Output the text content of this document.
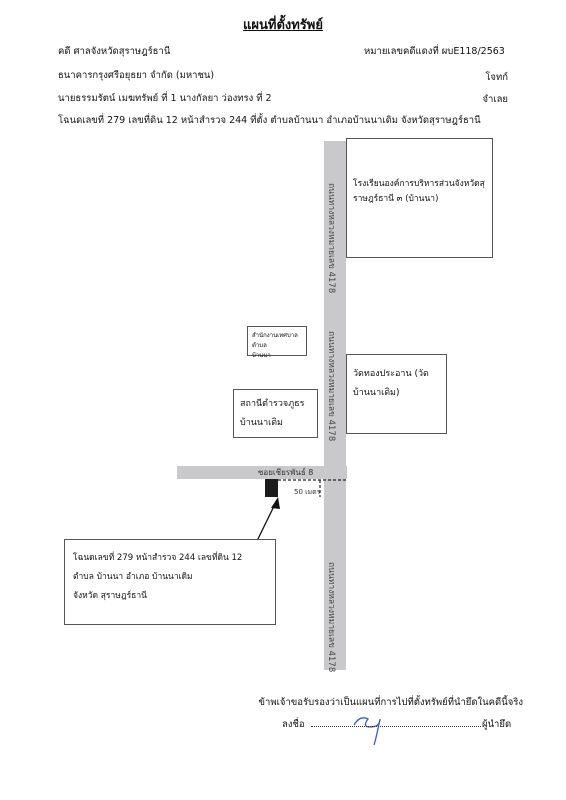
แผนที่ตั้งทรัพย์
คดี ศาลจังหวัดสุราษฎร์ธานี	หมายเลขคดีแดงที่ ผบE118/2563
ธนาคารกรุงศรีอยุธยา จำกัด (มหาชน)	โจทก์
นายธรรมรัตน์ เมฆทรัพย์ ที่ 1 นางกัลยา ว่องทรง ที่ 2	จำเลย
โฉนดเลขที่ 279 เลขที่ดิน 12 หน้าสำรวจ 244 ที่ตั้ง ตำบลบ้านนา อำเภอบ้านนาเดิม จังหวัดสุราษฎร์ธานี
ถนนทางหลวงหมายเลข 4178
ถนนทางหลวงหมายเลข 4178
ถนนทางหลวงหมายเลข 4178
ซอยเชียรพันธ์ 8
โรงเรียนองค์การบริหารส่วนจังหวัดสุ
ราษฎร์ธานี ๓ (บ้านนา)
สำนักงานเทศบาลตำบล
บ้านนา
วัดทองประอาน (วัด
บ้านนาเดิม)
สถานีตำรวจภูธร
บ้านนาเดิม
50 เมตร
โฉนดเลขที่ 279 หน้าสำรวจ 244 เลขที่ดิน 12
ตำบล บ้านนา อำเภอ บ้านนาเดิม
จังหวัด สุราษฎร์ธานี
ข้าพเจ้าขอรับรองว่าเป็นแผนที่การไปที่ตั้งทรัพย์ที่นำยึดในคดีนี้จริง
ลงชื่อ	ผู้นำยึด
